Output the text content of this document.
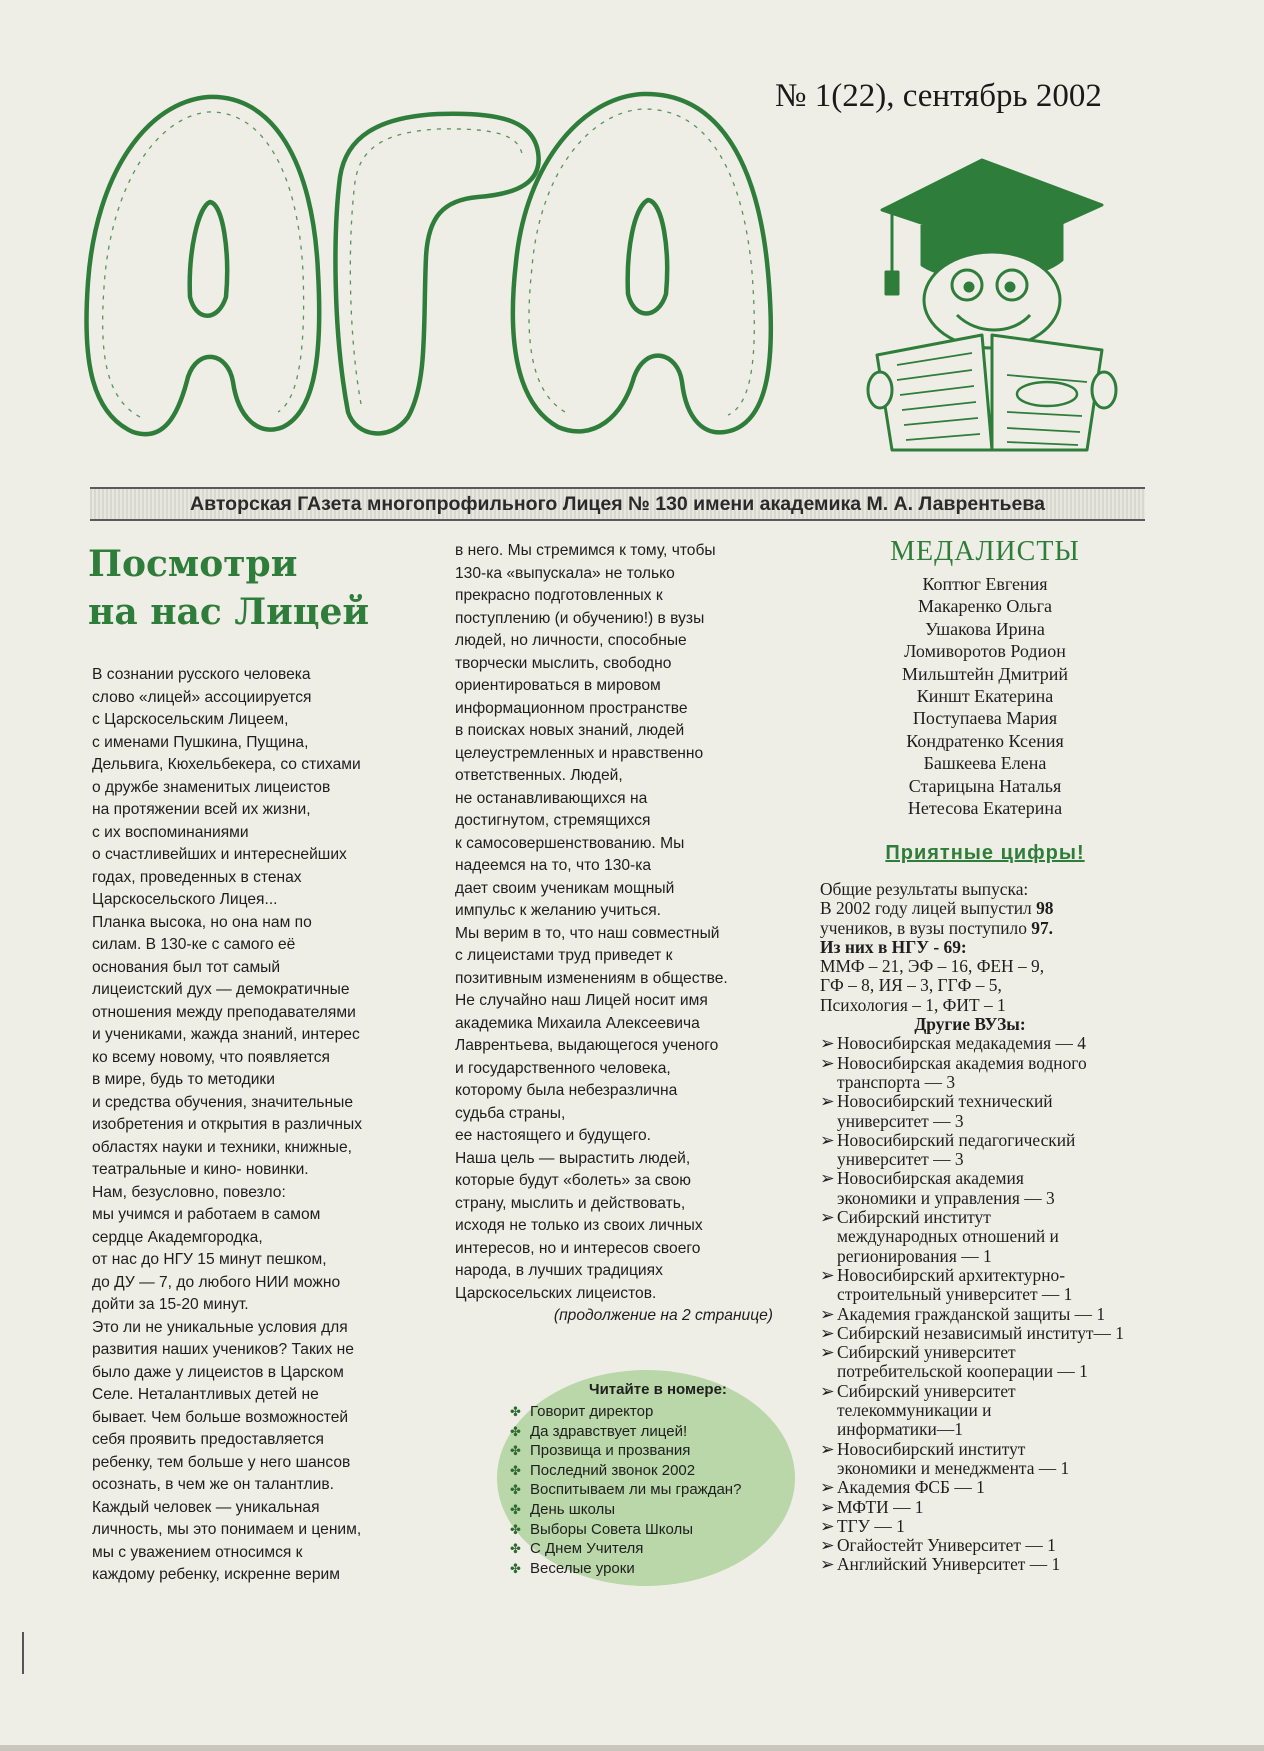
№ 1(22), сентябрь 2002
Авторская ГАзета многопрофильного Лицея № 130 имени академика М. А. Лаврентьева
Посмотри
на нас Лицей

В сознании русского человека

слово «лицей» ассоциируется

с Царскосельским Лицеем,

с именами Пушкина, Пущина,

Дельвига, Кюхельбекера, со стихами

о дружбе знаменитых лицеистов

на протяжении всей их жизни,

с их воспоминаниями

о счастливейших и интереснейших

годах, проведенных в стенах

Царскосельского Лицея...

Планка высока, но она нам по

силам. В 130-ке с самого её

основания был тот самый

лицеистский дух — демократичные

отношения между преподавателями

и учениками, жажда знаний, интерес

ко всему новому, что появляется

в мире, будь то методики

и средства обучения, значительные

изобретения и открытия в различных

областях науки и техники, книжные,

театральные и кино- новинки.

Нам, безусловно, повезло:

мы учимся и работаем в самом

сердце Академгородка,

от нас до НГУ 15 минут пешком,

до ДУ — 7, до любого НИИ можно

дойти за 15-20 минут.

Это ли не уникальные условия для

развития наших учеников? Таких не

было даже у лицеистов в Царском

Селе. Неталантливых детей не

бывает. Чем больше возможностей

себя проявить предоставляется

ребенку, тем больше у него шансов

осознать, в чем же он талантлив.

Каждый человек — уникальная

личность, мы это понимаем и ценим,

мы с уважением относимся к

каждому ребенку, искренне верим

в него. Мы стремимся к тому, чтобы

130-ка «выпускала» не только

прекрасно подготовленных к

поступлению (и обучению!) в вузы

людей, но личности, способные

творчески мыслить, свободно

ориентироваться в мировом

информационном пространстве

в поисках новых знаний, людей

целеустремленных и нравственно

ответственных. Людей,

не останавливающихся на

достигнутом, стремящихся

к самосовершенствованию. Мы

надеемся на то, что 130-ка

дает своим ученикам мощный

импульс к желанию учиться.

Мы верим в то, что наш совместный

с лицеистами труд приведет к

позитивным изменениям в обществе.

Не случайно наш Лицей носит имя

академика Михаила Алексеевича

Лаврентьева, выдающегося ученого

и государственного человека,

которому была небезразлична

судьба страны,

ее настоящего и будущего.

Наша цель — вырастить людей,

которые будут «болеть» за свою

страну, мыслить и действовать,

исходя не только из своих личных

интересов, но и интересов своего

народа, в лучших традициях

Царскосельских лицеистов.

(продолжение на 2 странице)

Читайте в номере:
✤ Говорит директор
✤ Да здравствует лицей!
✤ Прозвища и прозвания
✤ Последний звонок 2002
✤ Воспитываем ли мы граждан?
✤ День школы
✤ Выборы Совета Школы
✤ С Днем Учителя
✤ Веселые уроки
МЕДАЛИСТЫ
Коптюг Евгения
Макаренко Ольга
Ушакова Ирина
Ломиворотов Родион
Мильштейн Дмитрий
Киншт Екатерина
Поступаева Мария
Кондратенко Ксения
Башкеева Елена
Старицына Наталья
Нетесова Екатерина
Приятные цифры!
Общие результаты выпуска:
В 2002 году лицей выпустил 98
учеников, в вузы поступило 97.
Из них в НГУ - 69:
ММФ – 21, ЭФ – 16, ФЕН – 9,
ГФ – 8, ИЯ – 3, ГГФ – 5,
Психология – 1, ФИТ – 1
Другие ВУЗы:
➢ Новосибирская медакадемия — 4
➢ Новосибирская академия водного
транспорта — 3
➢ Новосибирский технический
университет — 3
➢ Новосибирский педагогический
университет — 3
➢ Новосибирская академия
экономики и управления — 3
➢ Сибирский институт
международных отношений и
регионирования — 1
➢ Новосибирский архитектурно-
строительный университет — 1
➢ Академия гражданской защиты — 1
➢ Сибирский независимый институт— 1
➢ Сибирский университет
потребительской кооперации — 1
➢ Сибирский университет
телекоммуникации и
информатики—1
➢ Новосибирский институт
экономики и менеджмента — 1
➢ Академия ФСБ — 1
➢ МФТИ — 1
➢ ТГУ — 1
➢ Огайостейт Университет — 1
➢ Английский Университет — 1
